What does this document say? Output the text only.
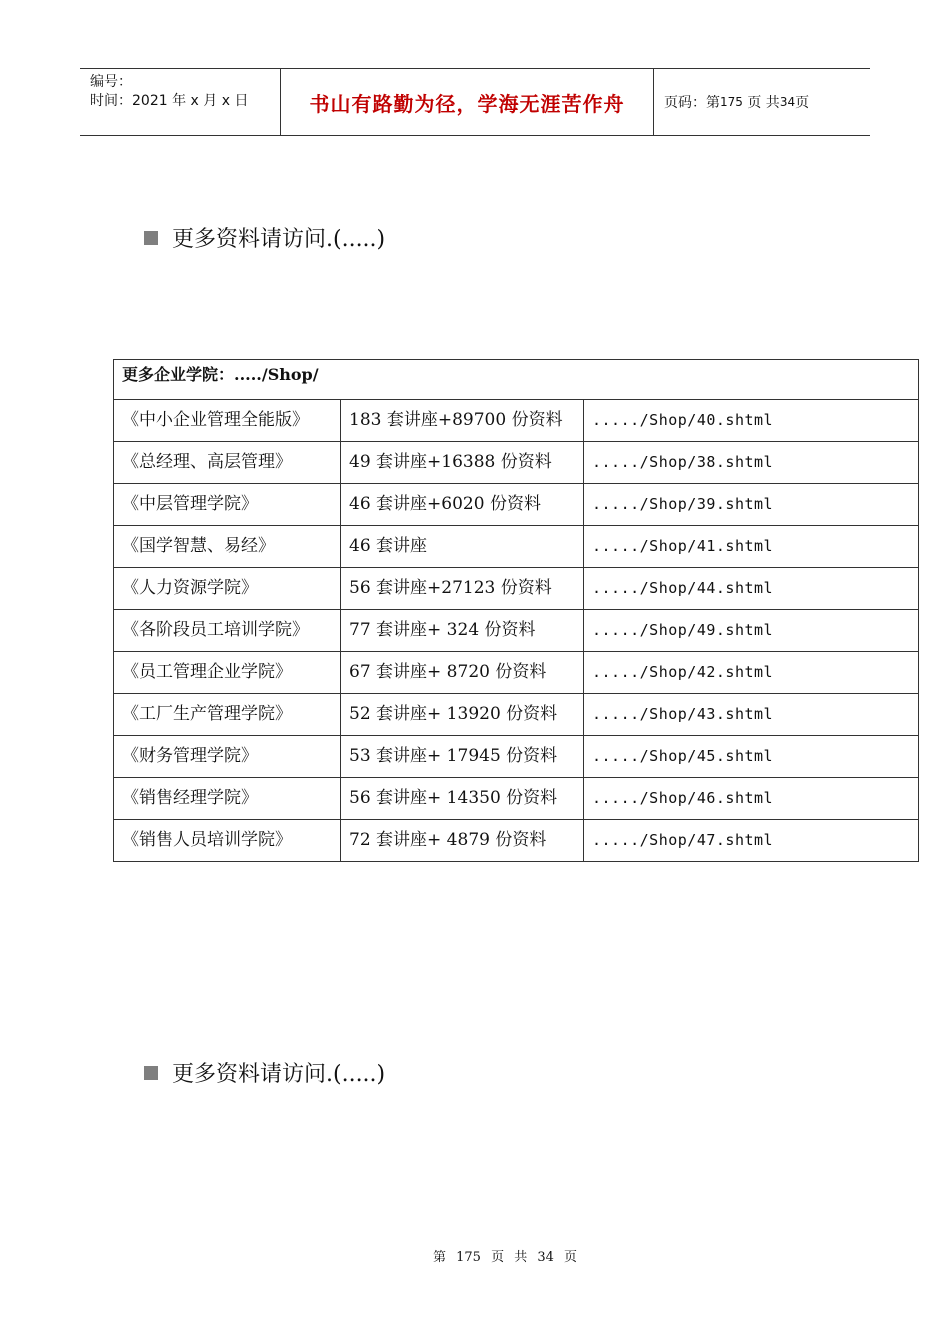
编号：
时间：2021 年 x 月 x 日	书山有路勤为径，学海无涯苦作舟	页码：第 175
页 共 34 页
更多资料请访问.(.....)
更多企业学院：...../Shop/		
《中小企业管理全能版》	183 套讲座+89700 份资料	...../Shop/40.shtml
《总经理、高层管理》	49 套讲座+16388 份资料	...../Shop/38.shtml
《中层管理学院》	46 套讲座+6020 份资料	...../Shop/39.shtml
《国学智慧、易经》	46 套讲座	...../Shop/41.shtml
《人力资源学院》	56 套讲座+27123 份资料	...../Shop/44.shtml
《各阶段员工培训学院》	77 套讲座+ 324 份资料	...../Shop/49.shtml
《员工管理企业学院》	67 套讲座+ 8720 份资料	...../Shop/42.shtml
《工厂生产管理学院》	52 套讲座+ 13920 份资料	...../Shop/43.shtml
《财务管理学院》	53 套讲座+ 17945 份资料	...../Shop/45.shtml
《销售经理学院》	56 套讲座+ 14350 份资料	...../Shop/46.shtml
《销售人员培训学院》	72 套讲座+ 4879 份资料	...../Shop/47.shtml
更多资料请访问.(.....)
第 175 页 共 34 页
